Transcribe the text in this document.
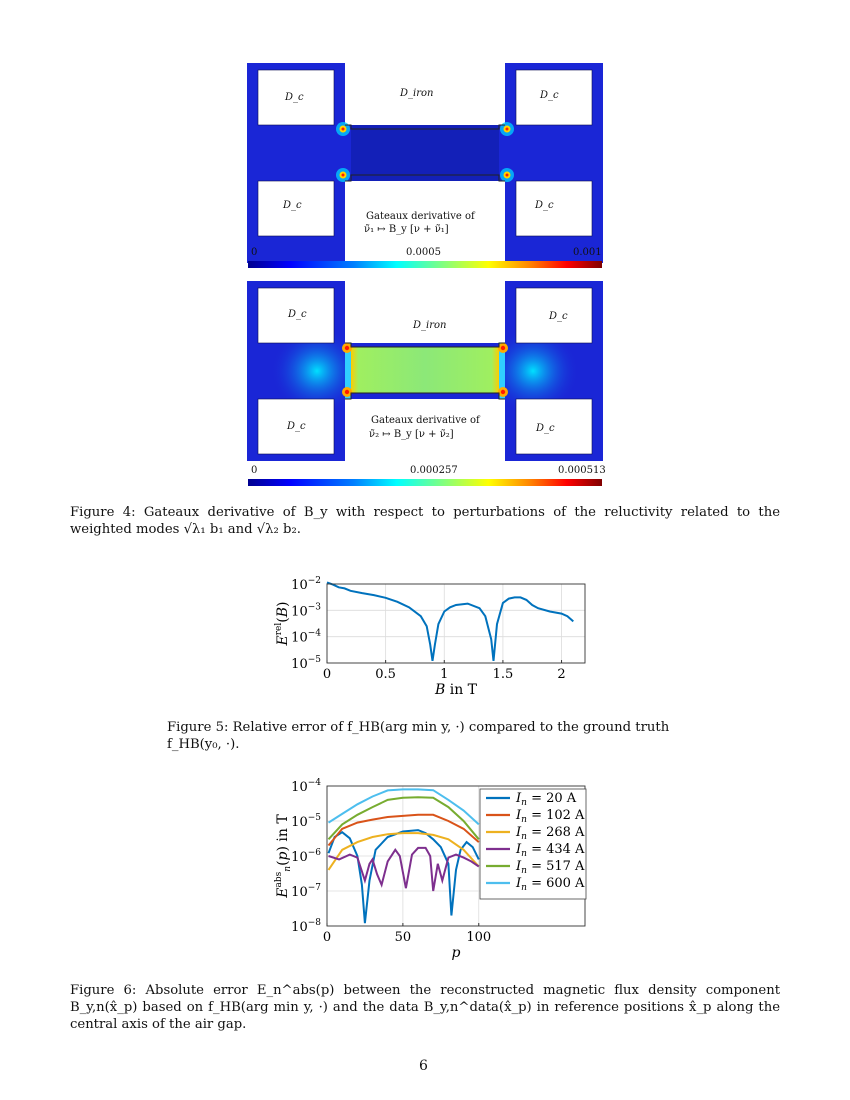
D_c	D_c
D_c	D_c
D_iron
Gateaux derivative of
ν̃₁ ↦ B_y [ν + ν̃₁]
0	0.0005	0.001
D_c	D_c
D_c	D_c
D_iron
Gateaux derivative of
ν̃₂ ↦ B_y [ν + ν̃₂]
0	0.000257	0.000513
Figure 4: Gateaux derivative of B_y with respect to perturbations of the reluctivity related to the weighted modes √λ₁ b₁ and √λ₂ b₂.
0	0.5	1	1.5	2
$10^{-5}$
$10^{-4}$
$10^{-3}$
$10^{-2}$
B in T
$E^{rel}(B)$
Figure 5: Relative error of f_HB(arg min y, ·) compared to the ground truth f_HB(y₀, ·).
0	50	100
$10^{-8}$
$10^{-7}$
$10^{-6}$
$10^{-5}$
$10^{-4}$
p
$E^{abs}_n(p)$ in T
$I_n = 20$ A
$I_n = 102$ A
$I_n = 268$ A
$I_n = 434$ A
$I_n = 517$ A
$I_n = 600$ A
Figure 6: Absolute error E_n^abs(p) between the reconstructed magnetic flux density component B_y,n(x̂_p) based on f_HB(arg min y, ·) and the data B_y,n^data(x̂_p) in reference positions x̂_p along the central axis of the air gap.
6
